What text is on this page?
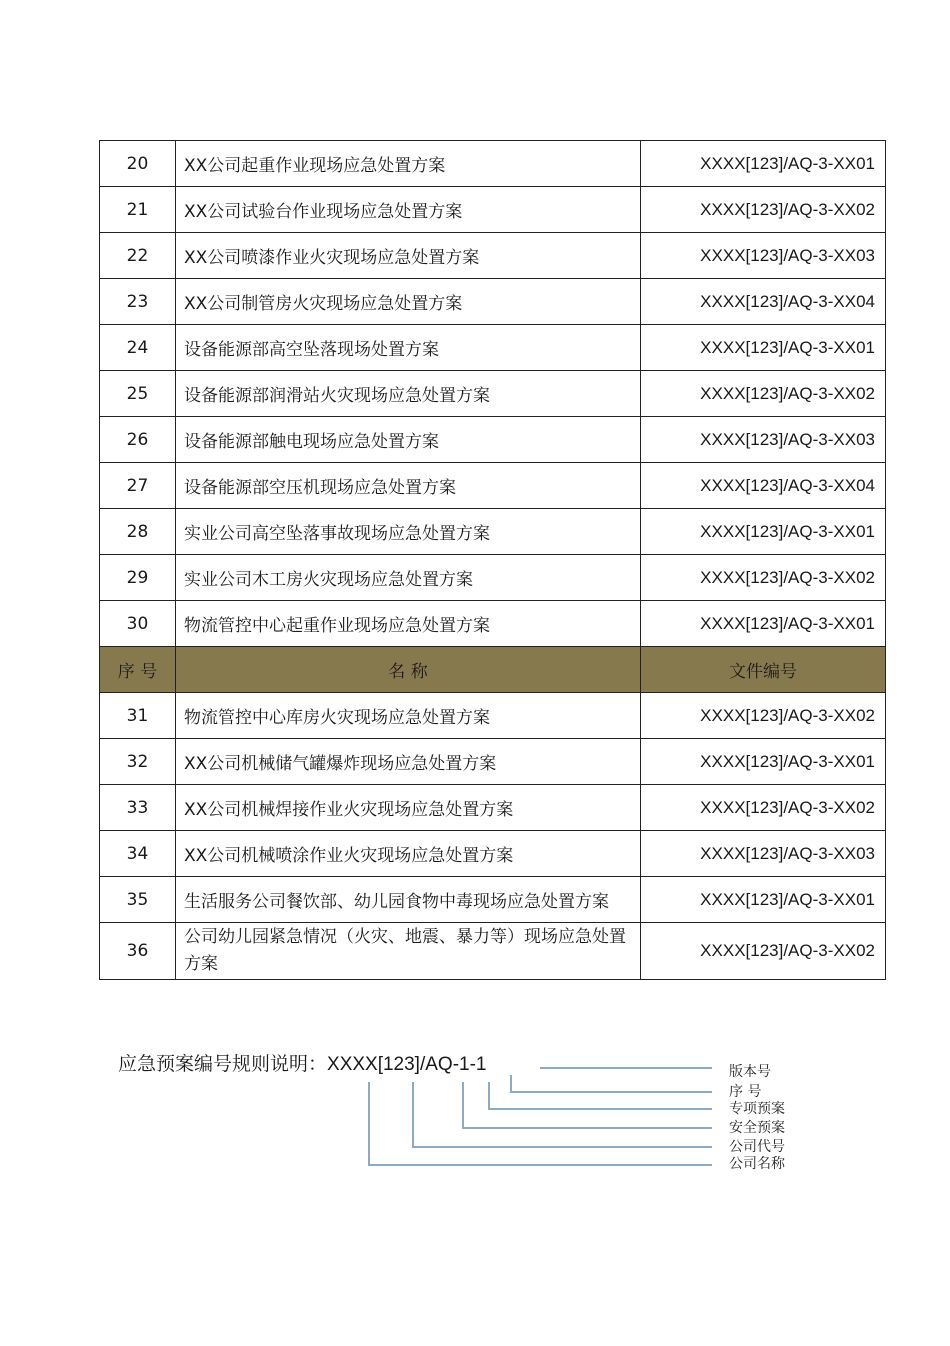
20	XX公司起重作业现场应急处置方案	XXXX[123]/AQ-3-XX01
21	XX公司试验台作业现场应急处置方案	XXXX[123]/AQ-3-XX02
22	XX公司喷漆作业火灾现场应急处置方案	XXXX[123]/AQ-3-XX03
23	XX公司制管房火灾现场应急处置方案	XXXX[123]/AQ-3-XX04
24	设备能源部高空坠落现场处置方案	XXXX[123]/AQ-3-XX01
25	设备能源部润滑站火灾现场应急处置方案	XXXX[123]/AQ-3-XX02
26	设备能源部触电现场应急处置方案	XXXX[123]/AQ-3-XX03
27	设备能源部空压机现场应急处置方案	XXXX[123]/AQ-3-XX04
28	实业公司高空坠落事故现场应急处置方案	XXXX[123]/AQ-3-XX01
29	实业公司木工房火灾现场应急处置方案	XXXX[123]/AQ-3-XX02
30	物流管控中心起重作业现场应急处置方案	XXXX[123]/AQ-3-XX01
序 号	名 称	文件编号
31	物流管控中心库房火灾现场应急处置方案	XXXX[123]/AQ-3-XX02
32	XX公司机械储气罐爆炸现场应急处置方案	XXXX[123]/AQ-3-XX01
33	XX公司机械焊接作业火灾现场应急处置方案	XXXX[123]/AQ-3-XX02
34	XX公司机械喷涂作业火灾现场应急处置方案	XXXX[123]/AQ-3-XX03
35	生活服务公司餐饮部、幼儿园食物中毒现场应急处置方案	XXXX[123]/AQ-3-XX01
36	公司幼儿园紧急情况（火灾、地震、暴力等）现场应急处置方案	XXXX[123]/AQ-3-XX02
应急预案编号规则说明：XXXX[123]/AQ-1-1	版本号
序 号
专项预案
安全预案
公司代号
公司名称
